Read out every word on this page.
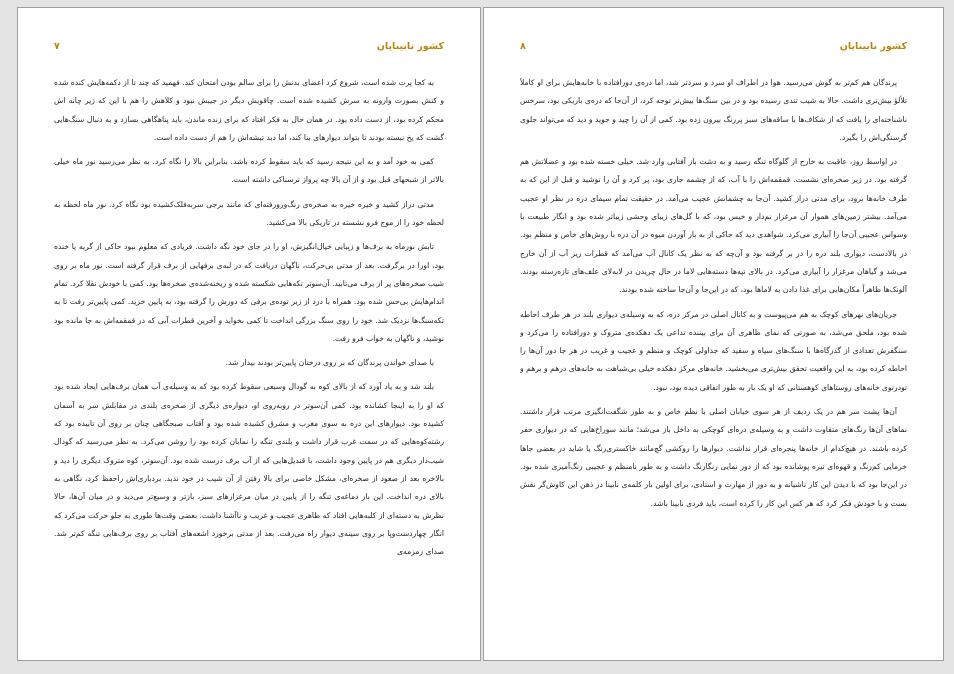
کشور نابینایان
۷

به کجا پرت شده است، شروع کرد اعضای بدنش را برای سالم بودن امتحان کند. فهمید که چند تا از دکمه‌هایش کنده شده و کتش بصورت وارونه به سرش کشیده شده است. چاقویش دیگر در جیبش نبود و کلاهش را هم با این که زیر چانه اش محکم کرده بود، از دست داده بود. در همان حال به فکر افتاد که برای زنده ماندن، باید پناهگاهی بسازد و به دنبال سنگ‌هایی گشت که یخ نبسته بودند تا بتواند دیوارهای بنا کند، اما دید تیشه‌اش را هم از دست داده است.

کمی به خود آمد و به این نتیجه رسید که باید سقوط کرده باشد. بنابراین بالا را نگاه کرد. به نظر می‌رسید نور ماه خیلی بالاتر از شبحهای قبل بود و از آن بالا چه پرواز ترسناکی داشته است.

مدتی دراز کشید و خیره خیره به صخره‌ی رنگ‌ورورفته‌ای که مانند برجی سربه‌فلک‌کشیده بود نگاه کرد. نور ماه لحظه به لحظه خود را از موج فرو نشسته در تاریکی بالا می‌کشید.

تابش نورماه به برف‌ها و زیبایی خیال‌انگیزش، او را در جای خود نگه داشت. فریادی که معلوم نبود حاکی از گریه یا خنده بود، اورا در برگرفت. بعد از مدتی بی‌حرکت، ناگهان دریافت که در لبه‌ی برفهایی از برف قرار گرفته است. نور ماه بر روی شیب صخره‌های پر از برف می‌تابید. آن‌سوتر تکه‌هایی شکسته شده و ریخته‌شده‌ی صخره‌ها بود. کمی با خودش تقلا کرد. تمام اندام‌هایش بی‌حس شده بود. همراه با درد از زیر توده‌ی برفی که دورش را گرفته بود، به پایین خزید. کمی پایین‌تر رفت تا به تکه‌سنگ‌ها نزدیک شد. خود را روی سنگ بزرگی انداخت تا کمی بخواید و آخرین قطرات آبی که در قمقمه‌اش به جا مانده بود نوشید، و ناگهان به خواب فرو رفت.

با صدای خواندن پرندگان که بر روی درختان پایین‌تر بودند بیدار شد.

بلند شد و به یاد آورد که از بالای کوه به گودال وسیعی سقوط کرده بود که به وسیله‌ی آب همان برف‌هایی ایجاد شده بود که او را به اینجا کشانده بود. کمی آن‌سوتر در روبه‌روی او، دیواره‌ی دیگری از صخره‌ی بلندی در مقابلش سر به آسمان کشیده بود. دیوارهای این دره به سوی مغرب و مشرق کشیده شده بود و آفتاب صبحگاهی چنان بر روی آن تابیده بود که رشته‌کوه‌هایی که در سمت غرب قرار داشت و بلندی تنگه را نمایان کرده بود را روشن می‌کرد. به نظر می‌رسید که گودال شیب‌دار دیگری هم در پایین وجود داشت، با قندیل‌هایی که از آب برف درست شده بود. آن‌سوتر، کوه متروک دیگری را دید و بالاخره بعد از صعود از صخره‌ای، مشکل خاصی برای بالا رفتن از آن شیب در خود ندید. بردباری‌اش راحفظ کرد، نگاهی به بالای دره انداخت. این بار دماغه‌ی تنگه را از پایین در میان مرغزارهای سبز، بازتر و وسیع‌تر می‌دید و در میان آن‌ها، حالا نظرش به دسته‌ای از کلبه‌هایی افتاد که ظاهری عجیب و غریب و ناآشنا داشت. بعضی وقت‌ها طوری به جلو حرکت می‌کرد که انگار چهاردست‌وپا بر روی سینه‌ی دیوار راه می‌رفت. بعد از مدتی برخورد اشعه‌های آفتاب بر روی برف‌هایی تنگه کم‌تر شد. صدای زمزمه‌ی

کشور نابینایان
۸

پرندگان هم کم‌تر به گوش می‌رسید. هوا در اطراف او سرد و سردتر شد، اما دره‌ی دورافتاده با خانه‌هایش برای او کاملاً تلألؤ بیش‌تری داشت. حالا به شیب تندی رسیده بود و در بین سنگ‌ها بیش‌تر توجه کرد، از آن‌جا که دره‌ی باریکی بود، سرخس ناشناخته‌ای را یافت که از شکاف‌ها با ساقه‌های سبز پررنگ بیرون زده بود. کمی از آن را چید و جوید و دید که می‌تواند جلوی گرسنگی‌اش را بگیرد.

در اواسط روز، عاقبت به خارج از گلوگاه تنگه رسید و به دشت باز آفتابی وارد شد. خیلی خسته شده بود و عضلاتش هم گرفته بود. در زیر صخره‌ای نشست. قمقمه‌اش را با آب، که از چشمه جاری بود، پر کرد و آن را نوشید و قبل از این که به طرف خانه‌ها برود، برای مدتی دراز کشید. آن‌جا به چشمانش عجیب می‌آمد. در حقیقت تمام سیمای دره در نظر او عجیب می‌آمد. بیشتر زمین‌های هموار آن مرغزار نم‌دار و خیس بود، که با گل‌های زیبای وحشی زیباتر شده بود و انگار طبیعت با وسواس عجیبی آن‌جا را آبیاری می‌کرد. شواهدی دید که حاکی از به بار آوردن میوه در آن دره با روش‌های خاص و منظم بود. در بالادست، دیواری بلند دره را در بر گرفته بود و آن‌چه که به نظر یک کانال آب می‌آمد که قطرات ریز آب از آن خارج می‌شد و گیاهان مرغزار را آبیاری می‌کرد. در بالای تپه‌ها دسته‌هایی لاما در حال چریدن در لابه‌لای علف‌های تازه‌رسته بودند. آلونک‌ها ظاهراً مکان‌هایی برای غذا دادن به لاماها بود، که در این‌جا و آن‌جا ساخته شده بودند.

جریان‌های نهرهای کوچک به هم می‌پیوست و به کانال اصلی در مرکز دره، که به وسیله‌ی دیواری بلند در هر طرف احاطه شده بود، ملحق می‌شد، به صورتی که نمای ظاهری آن برای بیننده تداعی یک دهکده‌ی متروک و دورافتاده را می‌کرد و سنگفرش تعدادی از گذرگاه‌ها با سنگ‌های سیاه و سفید که جداولی کوچک و منظم و عجیب و غریب در هر جا دور آن‌ها را احاطه کرده بود، به این واقعیت تحقق بیش‌تری می‌بخشید. خانه‌های مرکز دهکده خیلی بی‌شباهت به خانه‌های درهم و برهم و تودرتوی خانه‌های روستاهای کوهستانی که او یک بار به طور اتفاقی دیده بود، نبود.

آن‌ها پشت سر هم در یک ردیف از هر سوی خیابان اصلی با نظم خاص و به طور شگفت‌انگیزی مرتب قرار داشتند. نماهای آن‌ها رنگ‌های متفاوت داشت و به وسیله‌ی دره‌ای کوچکی به داخل باز می‌شد؛ مانند سوراخ‌هایی که در دیواری حفر کرده باشند. در هیچ‌کدام از خانه‌ها پنجره‌ای قرار نداشت. دیوارها را روکشی گچ‌مانند خاکستری‌رنگ یا شاید در بعضی جاها خرمایی کم‌رنگ و قهوه‌ای تیره پوشانده بود که از دور نمایی رنگارنگ داشت و به طور نامنظم و عجیبی رنگ‌آمیزی شده بود. در این‌جا بود که با دیدن این کار ناشیانه و به دور از مهارت و استادی، برای اولین بار کلمه‌ی نابینا در ذهن این کاوش‌گر نقش بست و با خودش فکر کرد که هر کس این کار را کرده است، باید فردی نابینا باشد.
